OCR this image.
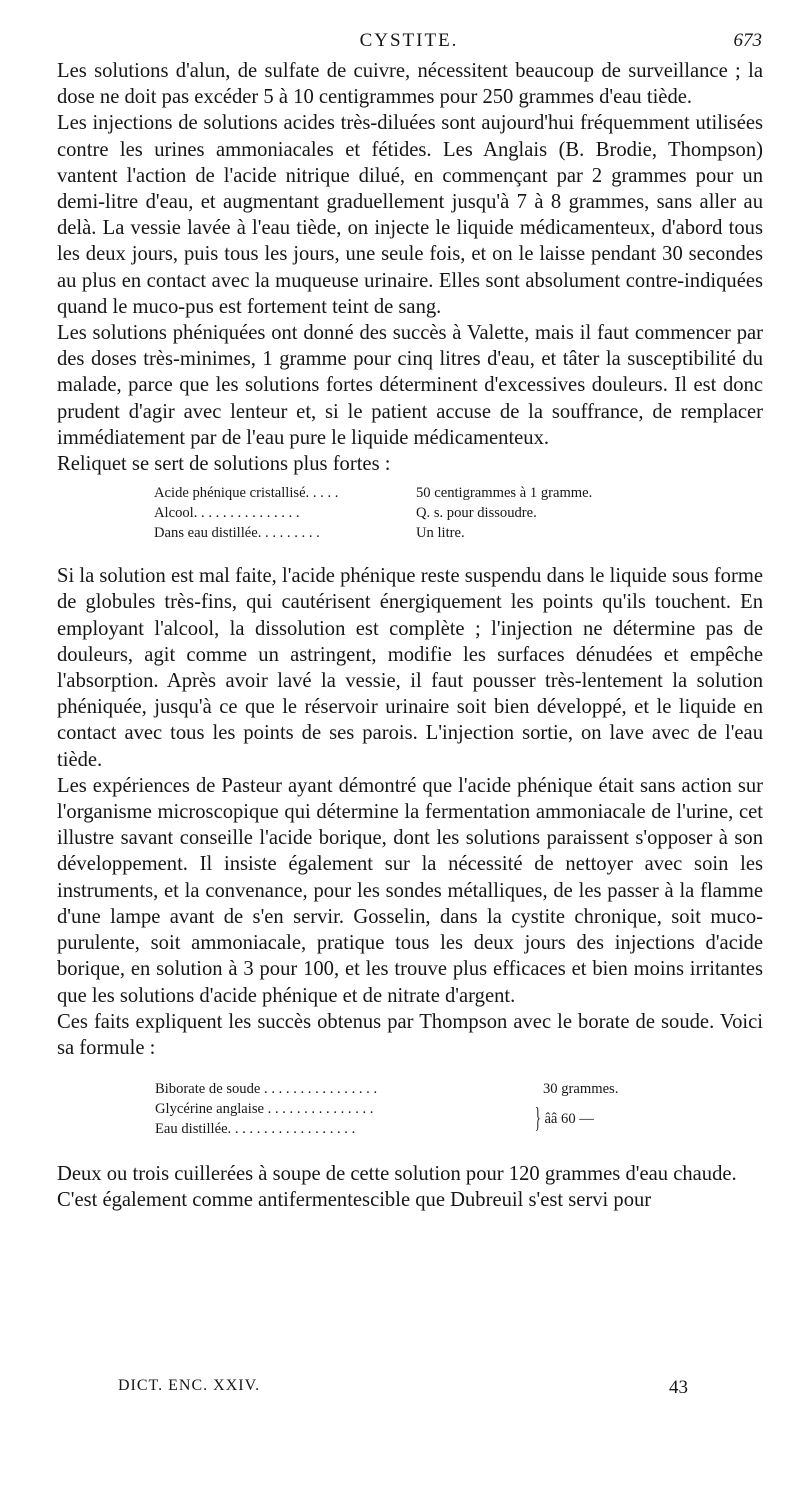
CYSTITE.	673

Les solutions d'alun, de sulfate de cuivre, nécessitent beaucoup de surveillance ; la dose ne doit pas excéder 5 à 10 centigrammes pour 250 grammes d'eau tiède.

Les injections de solutions acides très-diluées sont aujourd'hui fréquemment utilisées contre les urines ammoniacales et fétides. Les Anglais (B. Brodie, Thompson) vantent l'action de l'acide nitrique dilué, en commençant par 2 grammes pour un demi-litre d'eau, et augmentant graduellement jusqu'à 7 à 8 grammes, sans aller au delà. La vessie lavée à l'eau tiède, on injecte le liquide médicamenteux, d'abord tous les deux jours, puis tous les jours, une seule fois, et on le laisse pendant 30 secondes au plus en contact avec la muqueuse urinaire. Elles sont absolument contre-indiquées quand le muco-pus est fortement teint de sang.

Les solutions phéniquées ont donné des succès à Valette, mais il faut commencer par des doses très-minimes, 1 gramme pour cinq litres d'eau, et tâter la susceptibilité du malade, parce que les solutions fortes déterminent d'excessives douleurs. Il est donc prudent d'agir avec lenteur et, si le patient accuse de la souffrance, de remplacer immédiatement par de l'eau pure le liquide médicamenteux.

Reliquet se sert de solutions plus fortes :

Acide phénique cristallisé. . . . .	50 centigrammes à 1 gramme.
Alcool. . . . . . . . . . . . . . .	Q. s. pour dissoudre.
Dans eau distillée. . . . . . . . .	Un litre.

Si la solution est mal faite, l'acide phénique reste suspendu dans le liquide sous forme de globules très-fins, qui cautérisent énergiquement les points qu'ils touchent. En employant l'alcool, la dissolution est complète ; l'injection ne détermine pas de douleurs, agit comme un astringent, modifie les surfaces dénudées et empêche l'absorption. Après avoir lavé la vessie, il faut pousser très-lentement la solution phéniquée, jusqu'à ce que le réservoir urinaire soit bien développé, et le liquide en contact avec tous les points de ses parois. L'injection sortie, on lave avec de l'eau tiède.

Les expériences de Pasteur ayant démontré que l'acide phénique était sans action sur l'organisme microscopique qui détermine la fermentation ammoniacale de l'urine, cet illustre savant conseille l'acide borique, dont les solutions paraissent s'opposer à son développement. Il insiste également sur la nécessité de nettoyer avec soin les instruments, et la convenance, pour les sondes métalliques, de les passer à la flamme d'une lampe avant de s'en servir. Gosselin, dans la cystite chronique, soit muco-purulente, soit ammoniacale, pratique tous les deux jours des injections d'acide borique, en solution à 3 pour 100, et les trouve plus efficaces et bien moins irritantes que les solutions d'acide phénique et de nitrate d'argent.

Ces faits expliquent les succès obtenus par Thompson avec le borate de soude. Voici sa formule :

Biborate de soude . . . . . . . . . . . . . . . .	30 grammes.
Glycérine anglaise . . . . . . . . . . . . . . .
Eau distillée. . . . . . . . . . . . . . . . . .	} ââ 60 —

Deux ou trois cuillerées à soupe de cette solution pour 120 grammes d'eau chaude.

C'est également comme antifermentescible que Dubreuil s'est servi pour

DICT. ENC. XXIV.	43
